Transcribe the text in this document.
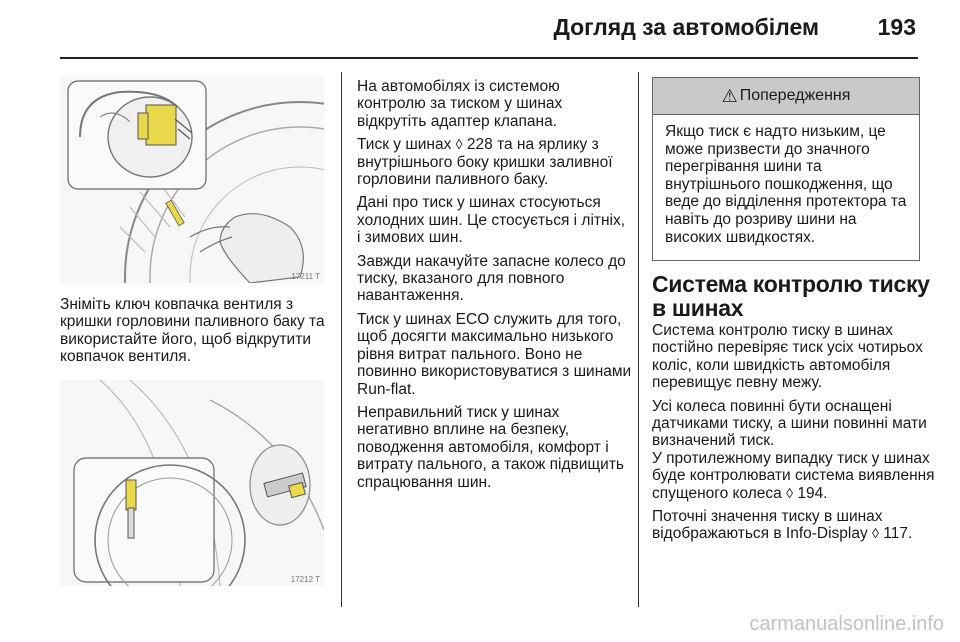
Догляд за автомобілем	193
17211 T

Зніміть ключ ковпачка вентиля з кришки горловини паливного баку та використайте його, щоб відкрутити ковпачок вентиля.

17212 T

На автомобілях із системою контролю за тиском у шинах відкрутіть адаптер клапана.

Тиск у шинах ◊ 228 та на ярлику з внутрішнього боку кришки заливної горловини паливного баку.

Дані про тиск у шинах стосуються холодних шин. Це стосується і літніх, і зимових шин.

Завжди накачуйте запасне колесо до тиску, вказаного для повного навантаження.

Тиск у шинах ECO служить для того, щоб досягти максимально низького рівня витрат пального. Воно не повинно використовуватися з шинами Run-flat.

Неправильний тиск у шинах негативно вплине на безпеку, поводження автомобіля, комфорт і витрату пального, а також підвищить спрацювання шин.

⚠ Попередження
Якщо тиск є надто низьким, це може призвести до значного перегрівання шини та внутрішнього пошкодження, що веде до відділення протектора та навіть до розриву шини на високих швидкостях.
Система контролю тиску в шинах

Система контролю тиску в шинах постійно перевіряє тиск усіх чотирьох коліс, коли швидкість автомобіля перевищує певну межу.

Усі колеса повинні бути оснащені датчиками тиску, а шини повинні мати визначений тиск.

У протилежному випадку тиск у шинах буде контролювати система виявлення спущеного колеса ◊ 194.

Поточні значення тиску в шинах відображаються в Info-Display ◊ 117.

carmanualsonline.info
